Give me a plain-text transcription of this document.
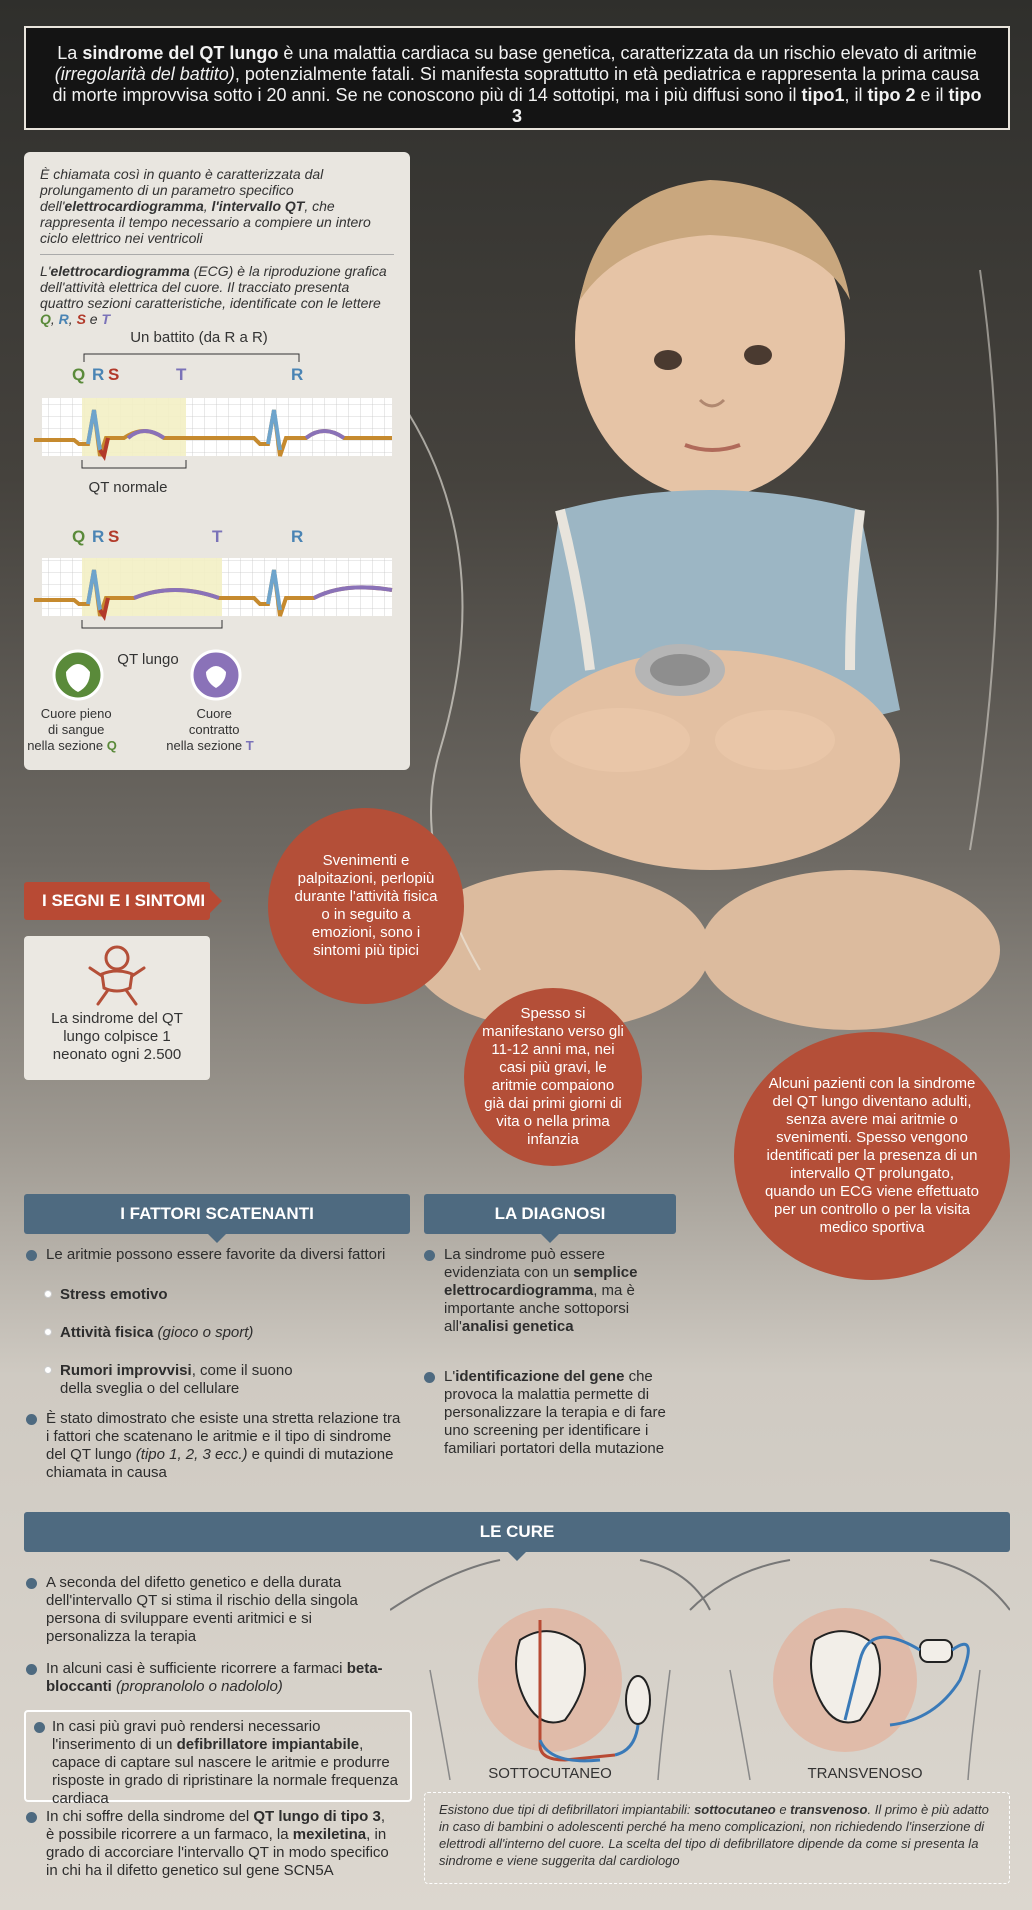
La sindrome del QT lungo è una malattia cardiaca su base genetica, caratterizzata da un rischio elevato di aritmie
(irregolarità del battito), potenzialmente fatali. Si manifesta soprattutto in età pediatrica e rappresenta la prima causa
di morte improvvisa sotto i 20 anni. Se ne conoscono più di 14 sottotipi, ma i più diffusi sono il tipo1, il tipo 2 e il tipo 3

È chiamata così in quanto è caratterizzata dal prolungamento di un parametro specifico dell'elettrocardiogramma, l'intervallo QT, che rappresenta il tempo necessario a compiere un intero ciclo elettrico nei ventricoli

L'elettrocardiogramma (ECG) è la riproduzione grafica dell'attività elettrica del cuore. Il tracciato presenta quattro sezioni caratteristiche, identificate con le lettere Q, R, S e T

Un battito (da R a R)
Q R S	T	R
QT normale
Q R S	T	R
QT lungo
Cuore pieno di sangue nella sezione Q
Cuore contratto nella sezione T
I SEGNI E I SINTOMI
La sindrome del QT lungo colpisce 1 neonato ogni 2.500
Svenimenti e palpitazioni, perlopiù durante l'attività fisica o in seguito a emozioni, sono i sintomi più tipici
Spesso si manifestano verso gli 11-12 anni ma, nei casi più gravi, le aritmie compaiono già dai primi giorni di vita o nella prima infanzia
Alcuni pazienti con la sindrome del QT lungo diventano adulti, senza avere mai aritmie o svenimenti. Spesso vengono identificati per la presenza di un intervallo QT prolungato, quando un ECG viene effettuato per un controllo o per la visita medico sportiva
I FATTORI SCATENANTI
Le aritmie possono essere favorite da diversi fattori
Stress emotivo
Attività fisica (gioco o sport)
Rumori improvvisi, come il suono della sveglia o del cellulare
È stato dimostrato che esiste una stretta relazione tra i fattori che scatenano le aritmie e il tipo di sindrome del QT lungo (tipo 1, 2, 3 ecc.) e quindi di mutazione chiamata in causa
LA DIAGNOSI
La sindrome può essere evidenziata con un semplice elettrocardiogramma, ma è importante anche sottoporsi all'analisi genetica
L'identificazione del gene che provoca la malattia permette di personalizzare la terapia e di fare uno screening per identificare i familiari portatori della mutazione
LE CURE
A seconda del difetto genetico e della durata dell'intervallo QT si stima il rischio della singola persona di sviluppare eventi aritmici e si personalizza la terapia
In alcuni casi è sufficiente ricorrere a farmaci beta-bloccanti (propranololo o nadololo)
In casi più gravi può rendersi necessario l'inserimento di un defibrillatore impiantabile, capace di captare sul nascere le aritmie e produrre risposte in grado di ripristinare la normale frequenza cardiaca
In chi soffre della sindrome del QT lungo di tipo 3, è possibile ricorrere a un farmaco, la mexiletina, in grado di accorciare l'intervallo QT in modo specifico in chi ha il difetto genetico sul gene SCN5A
SOTTOCUTANEO	TRANSVENOSO
Esistono due tipi di defibrillatori impiantabili: sottocutaneo e transvenoso. Il primo è più adatto in caso di bambini o adolescenti perché ha meno complicazioni, non richiedendo l'inserzione di elettrodi all'interno del cuore. La scelta del tipo di defibrillatore dipende da come si presenta la sindrome e viene suggerita dal cardiologo
